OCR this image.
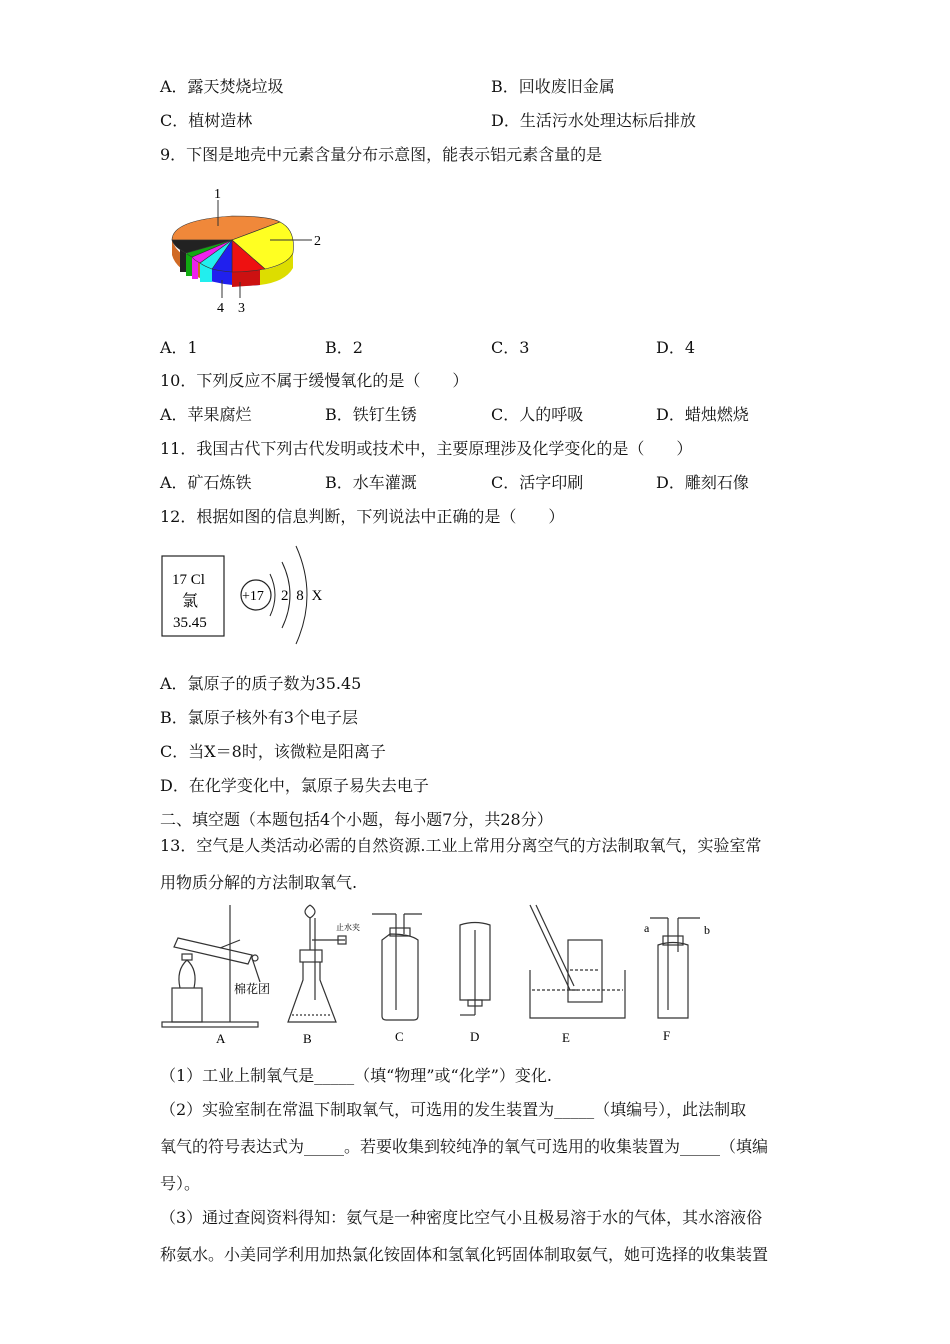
A．露天焚烧垃圾	B．回收废旧金属
C．植树造林	D．生活污水处理达标后排放
9．下图是地壳中元素含量分布示意图，能表示铝元素含量的是
1
2
4 3
A．1	B．2	C．3	D．4
10．下列反应不属于缓慢氧化的是（　　）
A．苹果腐烂	B．铁钉生锈	C．人的呼吸	D．蜡烛燃烧
11．我国古代下列古代发明或技术中，主要原理涉及化学变化的是（　　）
A．矿石炼铁	B．水车灌溉	C．活字印刷	D．雕刻石像
12．根据如图的信息判断，下列说法中正确的是（　　）
17 Cl
氯
35.45
+17 2 8 X
A．氯原子的质子数为35.45
B．氯原子核外有3个电子层
C．当X＝8时，该微粒是阳离子
D．在化学变化中，氯原子易失去电子
二、填空题（本题包括4个小题，每小题7分，共28分）
13．空气是人类活动必需的自然资源.工业上常用分离空气的方法制取氧气，实验室常
用物质分解的方法制取氧气.
棉花团
止水夹	a	b
A	B	C	D	E	F
（1）工业上制氧气是_____（填“物理”或“化学”）变化.
（2）实验室制在常温下制取氧气，可选用的发生装置为_____（填编号），此法制取
氧气的符号表达式为_____。若要收集到较纯净的氧气可选用的收集装置为_____（填编
号）。
（3）通过查阅资料得知：氨气是一种密度比空气小且极易溶于水的气体，其水溶液俗
称氨水。小美同学利用加热氯化铵固体和氢氧化钙固体制取氨气，她可选择的收集装置
